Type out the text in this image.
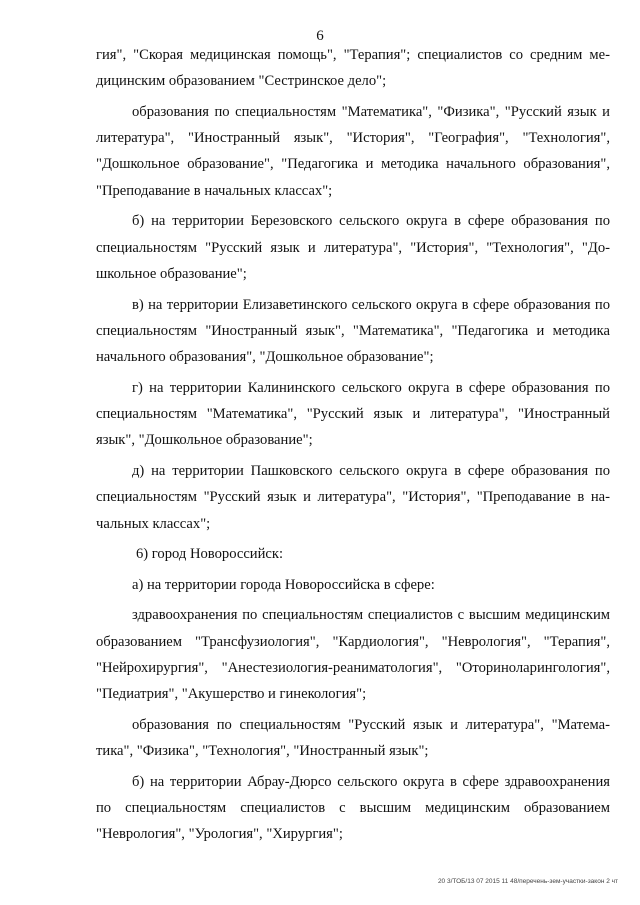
6

гия", "Скорая медицинская помощь", "Терапия"; специалистов со средним медицинским образованием "Сестринское дело";

образования по специальностям "Математика", "Физика", "Русский язык и литература", "Иностранный язык", "История", "География", "Технология", "Дошкольное образование", "Педагогика и методика начального образования", "Преподавание в начальных классах";

б) на территории Березовского сельского округа в сфере образования по специальностям "Русский язык и литература", "История", "Технология", "Дошкольное образование";

в) на территории Елизаветинского сельского округа в сфере образования по специальностям "Иностранный язык", "Математика", "Педагогика и методика начального образования", "Дошкольное образование";

г) на территории Калининского сельского округа в сфере образования по специальностям "Математика", "Русский язык и литература", "Иностранный язык", "Дошкольное образование";

д) на территории Пашковского сельского округа в сфере образования по специальностям "Русский язык и литература", "История", "Преподавание в начальных классах";

6) город Новороссийск:

а) на территории города Новороссийска в сфере:

здравоохранения по специальностям специалистов с высшим медицинским образованием "Трансфузиология", "Кардиология", "Неврология", "Терапия", "Нейрохирургия", "Анестезиология-реаниматология", "Оториноларингология", "Педиатрия", "Акушерство и гинекология";

образования по специальностям "Русский язык и литература", "Математика", "Физика", "Технология", "Иностранный язык";

б) на территории Абрау-Дюрсо сельского округа в сфере здравоохранения по специальностям специалистов с высшим медицинским образованием "Неврология", "Урология", "Хирургия";

20 3/ТОБ/13 07 2015 11 48/перечень-зем-участки-закон 2 чт
